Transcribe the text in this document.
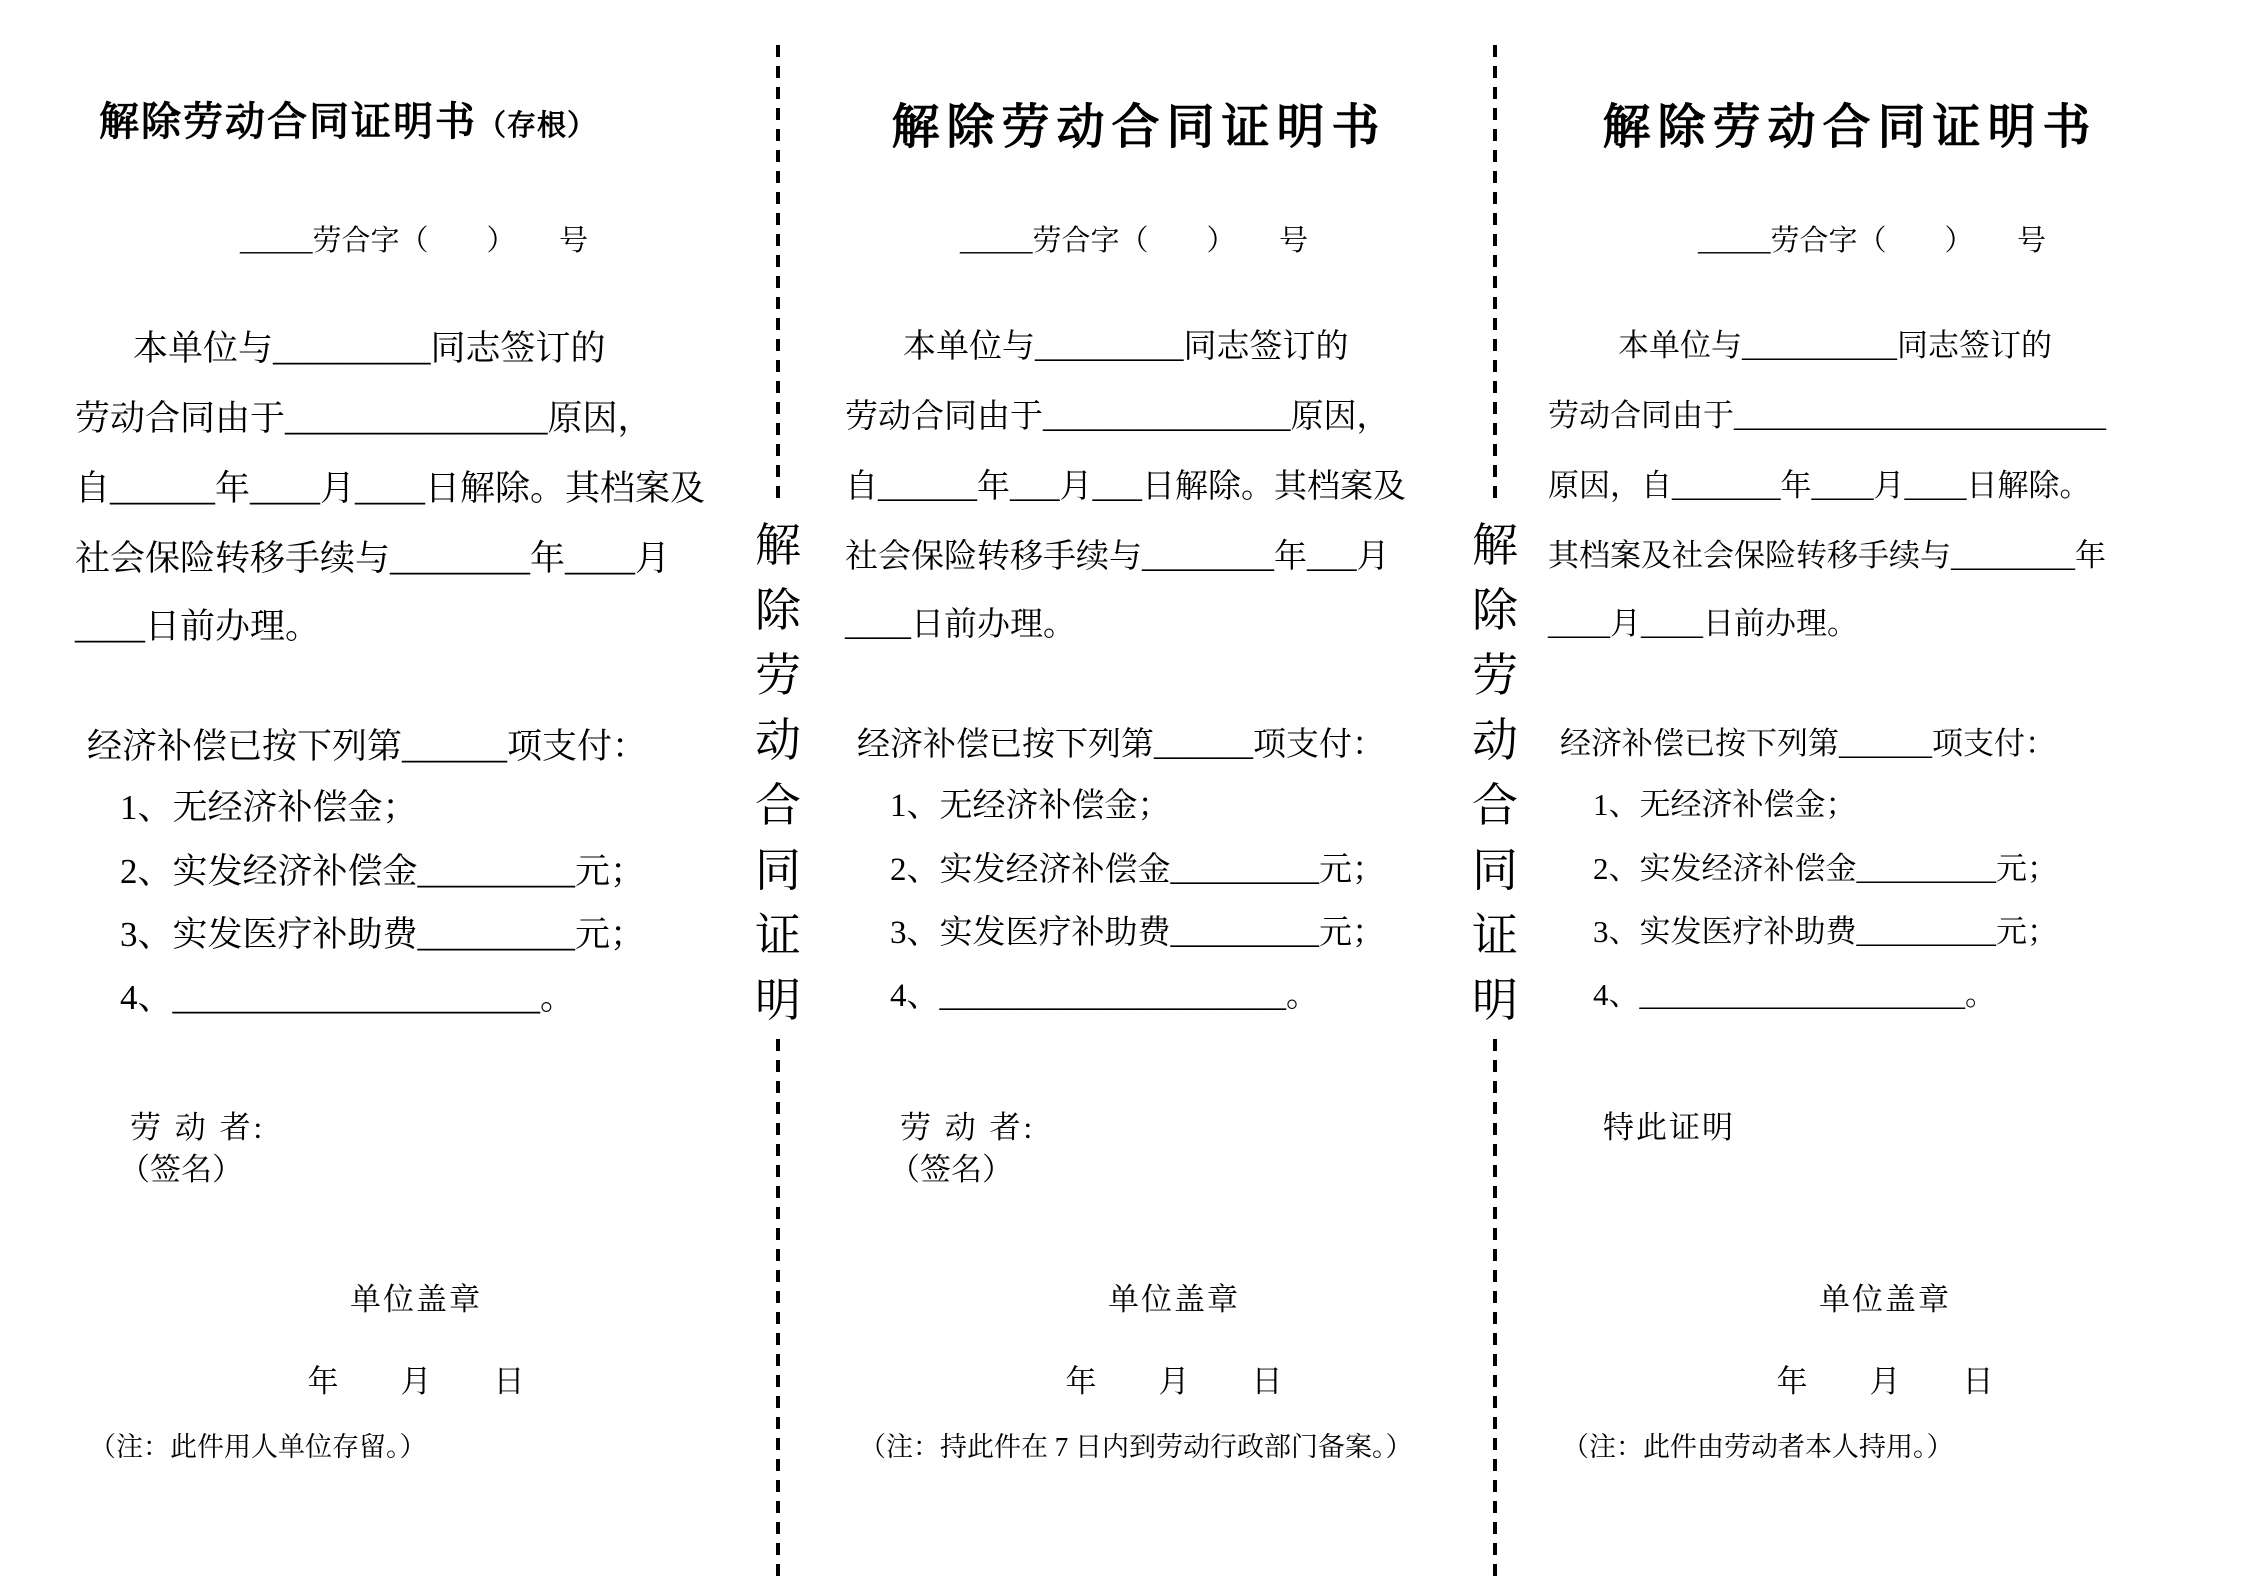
解除劳动合同证明书（存根）
_____劳合字（　　）　　号
本单位与_________同志签订的
劳动合同由于_______________原因，
自______年____月____日解除。其档案及
社会保险转移手续与________年____月
____日前办理。
经济补偿已按下列第______项支付：
1、无经济补偿金；
2、实发经济补偿金_________元；
3、实发医疗补助费_________元；
4、_____________________。
劳 动 者:
（签名）
单位盖章
年　　月　　日
（注：此件用人单位存留。）
解除劳动合同证明
解除劳动合同证明书
_____劳合字（　　）　　号
本单位与_________同志签订的
劳动合同由于_______________原因，
自______年___月___日解除。其档案及
社会保险转移手续与________年___月
____日前办理。
经济补偿已按下列第______项支付：
1、无经济补偿金；
2、实发经济补偿金_________元；
3、实发医疗补助费_________元；
4、_____________________。
劳 动 者:
（签名）
单位盖章
年　　月　　日
（注：持此件在 7 日内到劳动行政部门备案。）
解除劳动合同证明
解除劳动合同证明书
_____劳合字（　　）　　号
本单位与__________同志签订的
劳动合同由于________________________
原因，自_______年____月____日解除。
其档案及社会保险转移手续与________年
____月____日前办理。
经济补偿已按下列第______项支付：
1、无经济补偿金；
2、实发经济补偿金_________元；
3、实发医疗补助费_________元；
4、_____________________。
特此证明
单位盖章
年　　月　　日
（注：此件由劳动者本人持用。）
